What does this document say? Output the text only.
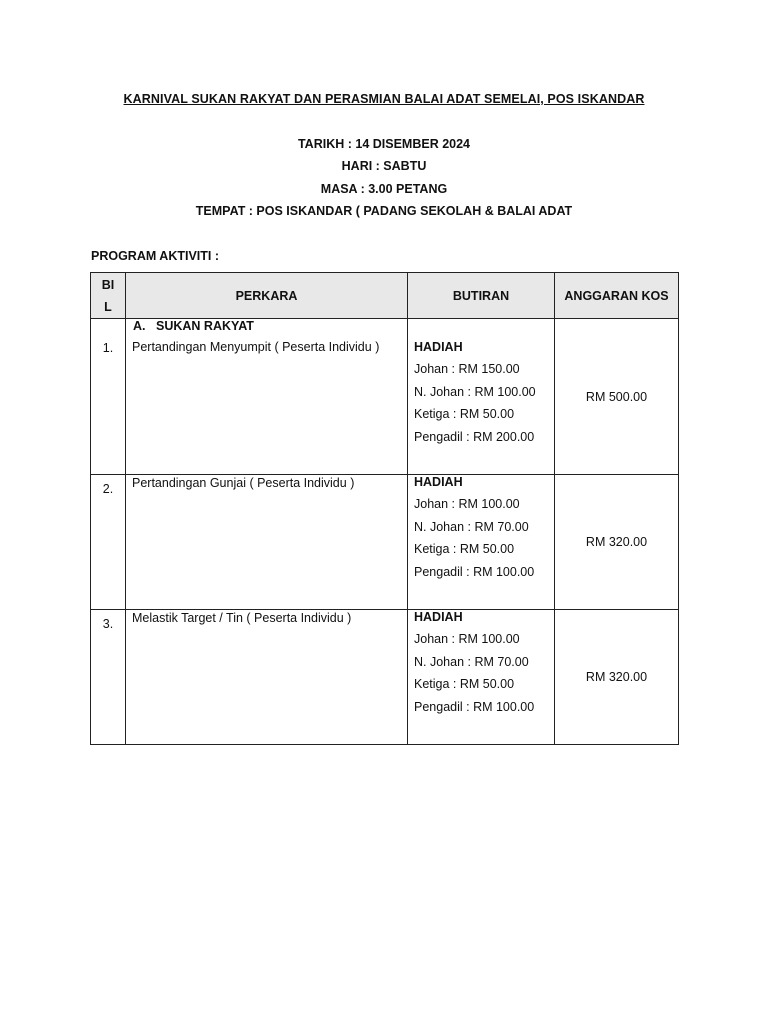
KARNIVAL SUKAN RAKYAT DAN PERASMIAN BALAI ADAT SEMELAI, POS ISKANDAR
TARIKH : 14 DISEMBER 2024
HARI : SABTU
MASA : 3.00 PETANG
TEMPAT : POS ISKANDAR ( PADANG SEKOLAH & BALAI ADAT
PROGRAM AKTIVITI :
BI
L	PERKARA	BUTIRAN	ANGGARAN KOS

1.	A. SUKAN RAKYAT
Pertandingan Menyumpit ( Peserta Individu )	HADIAH
Johan : RM 150.00
N. Johan : RM 100.00
Ketiga : RM 50.00
Pengadil : RM 200.00	RM 500.00

2.	Pertandingan Gunjai ( Peserta Individu )	HADIAH
Johan : RM 100.00
N. Johan : RM 70.00
Ketiga : RM 50.00
Pengadil : RM 100.00	RM 320.00

3.	Melastik Target / Tin ( Peserta Individu )	HADIAH
Johan : RM 100.00
N. Johan : RM 70.00
Ketiga : RM 50.00
Pengadil : RM 100.00	RM 320.00
